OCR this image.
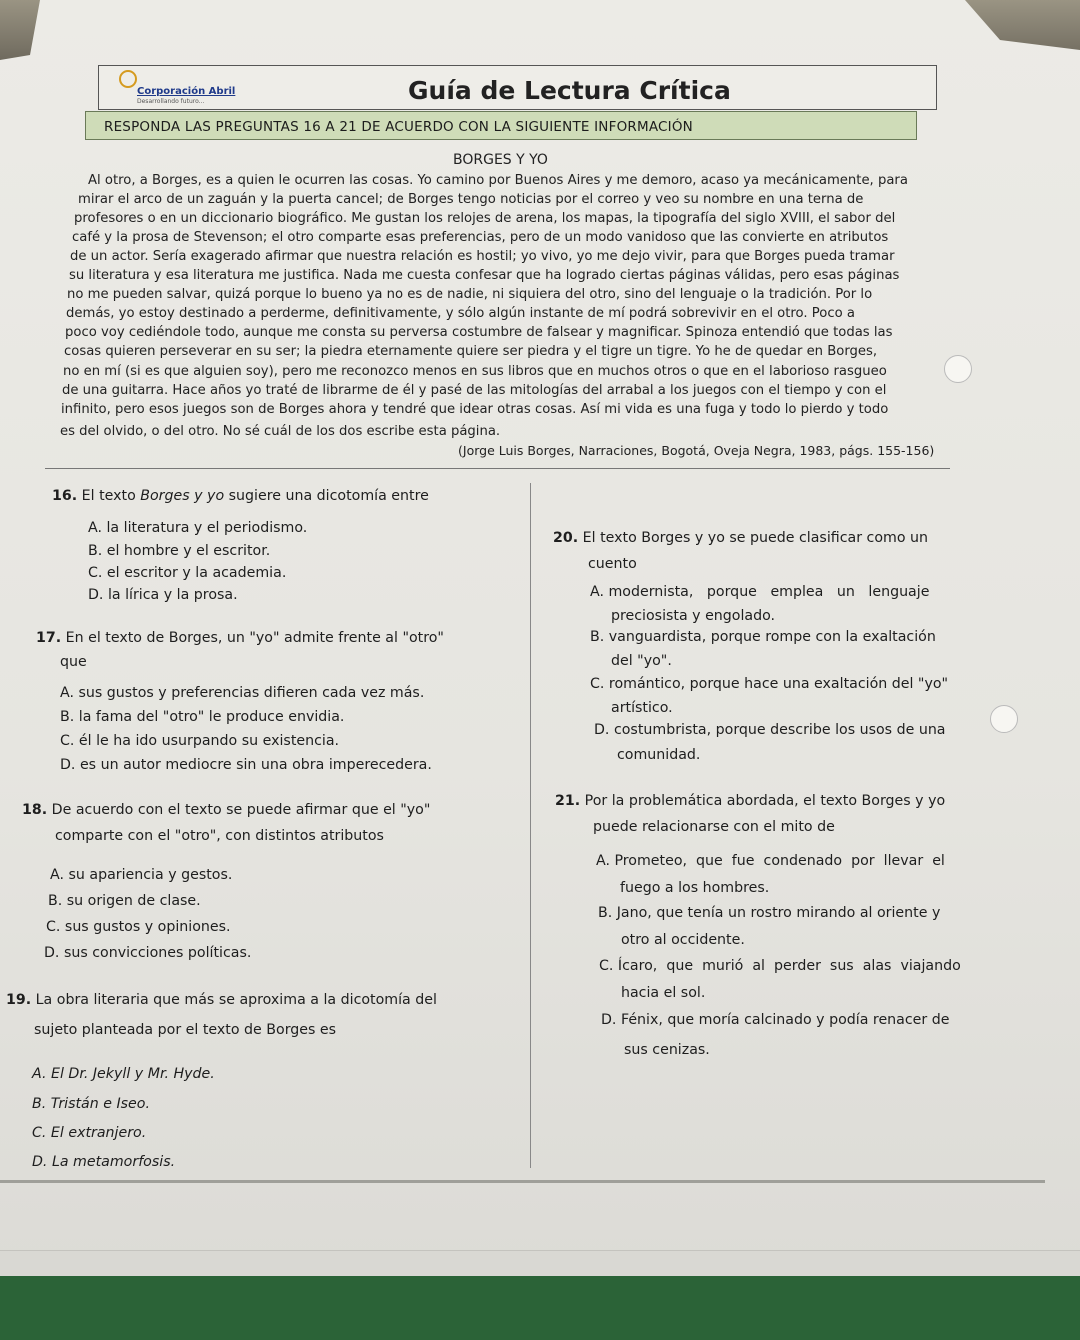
Corporación Abril
Desarrollando futuro...	Guía de Lectura Crítica
RESPONDA LAS PREGUNTAS 16 A 21 DE ACUERDO CON LA SIGUIENTE INFORMACIÓN
BORGES Y YO
Al otro, a Borges, es a quien le ocurren las cosas. Yo camino por Buenos Aires y me demoro, acaso ya mecánicamente, para
mirar el arco de un zaguán y la puerta cancel; de Borges tengo noticias por el correo y veo su nombre en una terna de
profesores o en un diccionario biográfico. Me gustan los relojes de arena, los mapas, la tipografía del siglo XVIII, el sabor del
café y la prosa de Stevenson; el otro comparte esas preferencias, pero de un modo vanidoso que las convierte en atributos
de un actor. Sería exagerado afirmar que nuestra relación es hostil; yo vivo, yo me dejo vivir, para que Borges pueda tramar
su literatura y esa literatura me justifica. Nada me cuesta confesar que ha logrado ciertas páginas válidas, pero esas páginas
no me pueden salvar, quizá porque lo bueno ya no es de nadie, ni siquiera del otro, sino del lenguaje o la tradición. Por lo
demás, yo estoy destinado a perderme, definitivamente, y sólo algún instante de mí podrá sobrevivir en el otro. Poco a
poco voy cediéndole todo, aunque me consta su perversa costumbre de falsear y magnificar. Spinoza entendió que todas las
cosas quieren perseverar en su ser; la piedra eternamente quiere ser piedra y el tigre un tigre. Yo he de quedar en Borges,
no en mí (si es que alguien soy), pero me reconozco menos en sus libros que en muchos otros o que en el laborioso rasgueo
de una guitarra. Hace años yo traté de librarme de él y pasé de las mitologías del arrabal a los juegos con el tiempo y con el
infinito, pero esos juegos son de Borges ahora y tendré que idear otras cosas. Así mi vida es una fuga y todo lo pierdo y todo
es del olvido, o del otro. No sé cuál de los dos escribe esta página.
(Jorge Luis Borges, Narraciones, Bogotá, Oveja Negra, 1983, págs. 155-156)
16. El texto Borges y yo sugiere una dicotomía entre
A. la literatura y el periodismo.
B. el hombre y el escritor.
C. el escritor y la academia.
D. la lírica y la prosa.
17. En el texto de Borges, un "yo" admite frente al "otro"
que
A. sus gustos y preferencias difieren cada vez más.
B. la fama del "otro" le produce envidia.
C. él le ha ido usurpando su existencia.
D. es un autor mediocre sin una obra imperecedera.
18. De acuerdo con el texto se puede afirmar que el "yo"
comparte con el "otro", con distintos atributos
A. su apariencia y gestos.
B. su origen de clase.
C. sus gustos y opiniones.
D. sus convicciones políticas.
19. La obra literaria que más se aproxima a la dicotomía del
sujeto planteada por el texto de Borges es
A. El Dr. Jekyll y Mr. Hyde.
B. Tristán e Iseo.
C. El extranjero.
D. La metamorfosis.
20. El texto Borges y yo se puede clasificar como un
cuento
A. modernista,   porque   emplea   un   lenguaje
preciosista y engolado.
B. vanguardista, porque rompe con la exaltación
del "yo".
C. romántico, porque hace una exaltación del "yo"
artístico.
D. costumbrista, porque describe los usos de una
comunidad.
21. Por la problemática abordada, el texto Borges y yo
puede relacionarse con el mito de
A. Prometeo,  que  fue  condenado  por  llevar  el
fuego a los hombres.
B. Jano, que tenía un rostro mirando al oriente y
otro al occidente.
C. Ícaro,  que  murió  al  perder  sus  alas  viajando
hacia el sol.
D. Fénix, que moría calcinado y podía renacer de
sus cenizas.
